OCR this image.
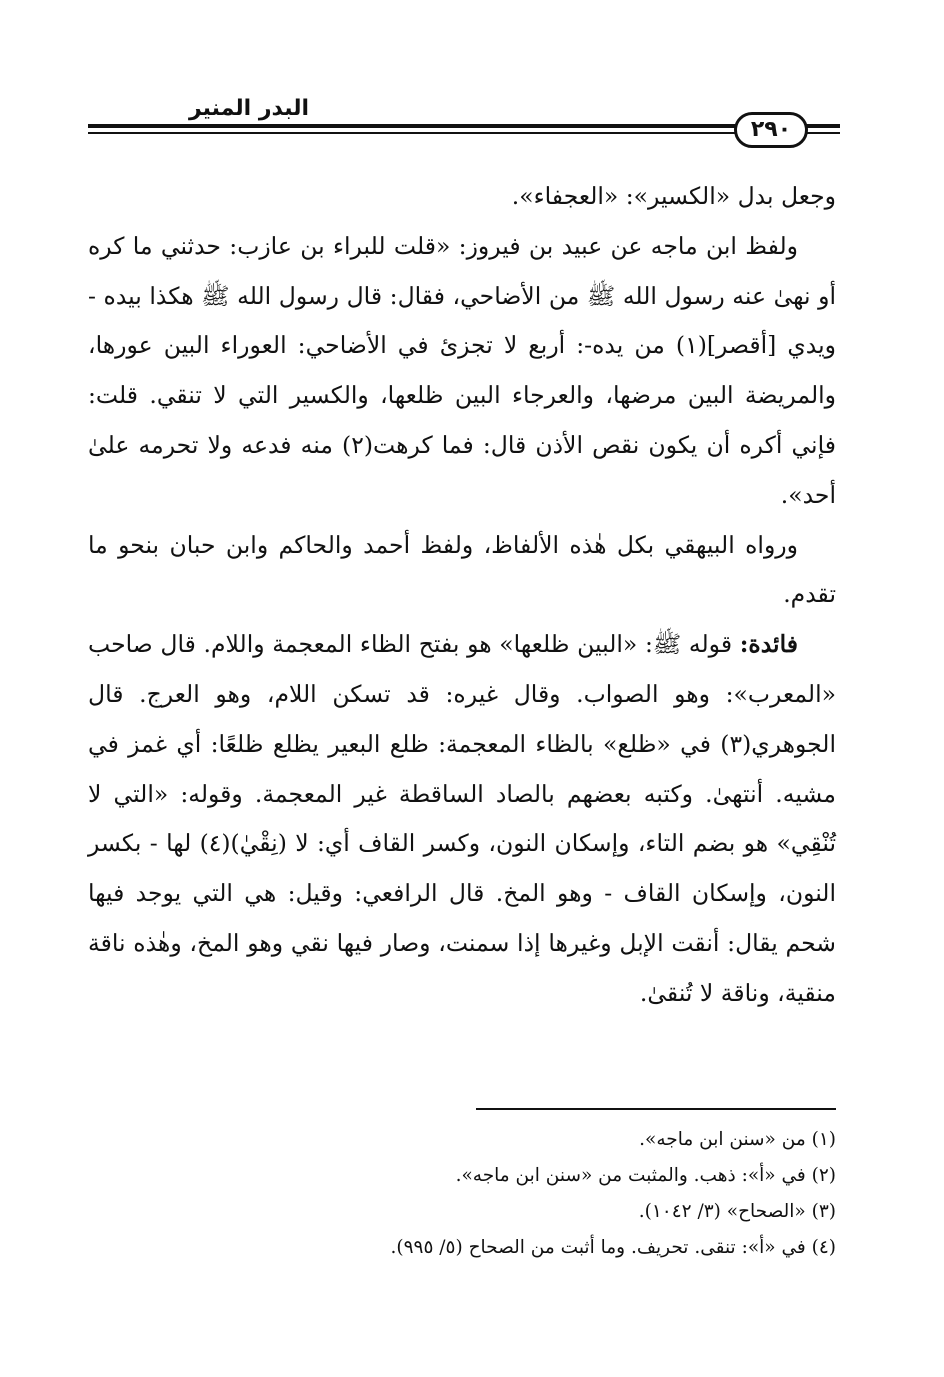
البدر المنير
٢٩٠

وجعل بدل «الكسير»: «العجفاء».

ولفظ ابن ماجه عن عبيد بن فيروز: «قلت للبراء بن عازب: حدثني ما كره أو نهىٰ عنه رسول الله ﷺ من الأضاحي، فقال: قال رسول الله ﷺ هكذا بيده - ويدي [أقصر](١) من يده-: أربع لا تجزئ في الأضاحي: العوراء البين عورها، والمريضة البين مرضها، والعرجاء البين ظلعها، والكسير التي لا تنقي. قلت: فإني أكره أن يكون نقص الأذن قال: فما كرهت(٢) منه فدعه ولا تحرمه علىٰ أحد».

ورواه البيهقي بكل هٰذه الألفاظ، ولفظ أحمد والحاكم وابن حبان بنحو ما تقدم.

فائدة: قوله ﷺ: «البين ظلعها» هو بفتح الظاء المعجمة واللام. قال صاحب «المعرب»: وهو الصواب. وقال غيره: قد تسكن اللام، وهو العرج. قال الجوهري(٣) في «ظلع» بالظاء المعجمة: ظلع البعير يظلع ظلعًا: أي غمز في مشيه. أنتهىٰ. وكتبه بعضهم بالصاد الساقطة غير المعجمة. وقوله: «التي لا تُنْقِي» هو بضم التاء، وإسكان النون، وكسر القاف أي: لا (نِقْيٰ)(٤) لها - بكسر النون، وإسكان القاف - وهو المخ. قال الرافعي: وقيل: هي التي يوجد فيها شحم يقال: أنقت الإبل وغيرها إذا سمنت، وصار فيها نقي وهو المخ، وهٰذه ناقة منقية، وناقة لا تُنقىٰ.

(١) من «سنن ابن ماجه».

(٢) في «أ»: ذهب. والمثبت من «سنن ابن ماجه».

(٣) «الصحاح» (٣/ ١٠٤٢).

(٤) في «أ»: تنقى. تحريف. وما أثبت من الصحاح (٥/ ٩٩٥).
